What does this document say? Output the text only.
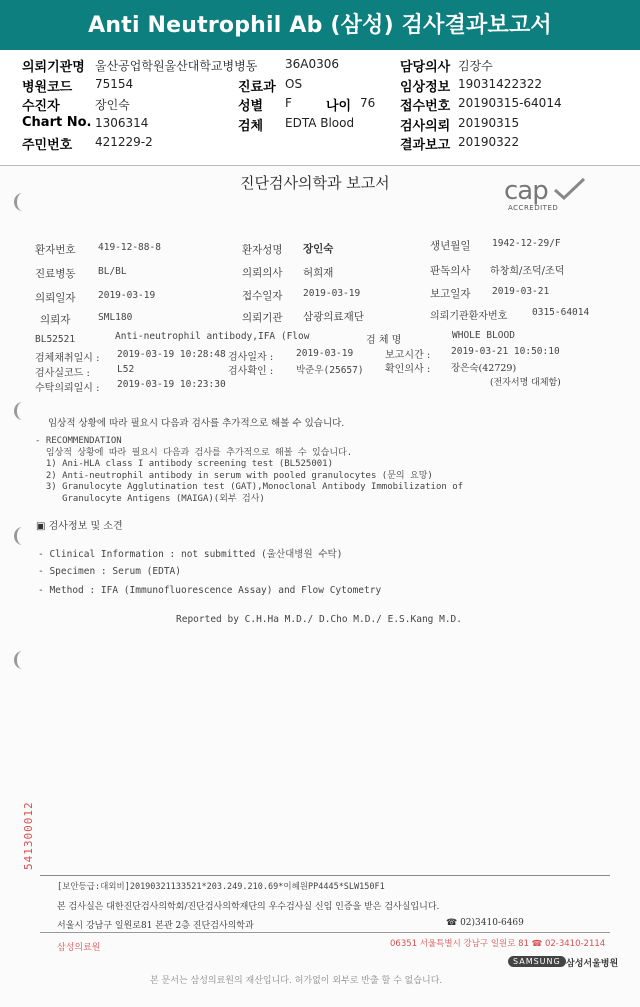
Anti Neutrophil Ab (삼성) 검사결과보고서
의뢰기관명 울산공업학원울산대학교병병동 36A0306	담당의사 김장수
병원코드 75154	진료과 OS	임상정보 19031422322
수진자	장인숙	성별 F	나이 76 접수번호 20190315-64014
Chart No. 1306314	검체 EDTA Blood	검사의뢰 20190315
주민번호 421229-2	결과보고 20190322
진단검사의학과 보고서	cap
ACCREDITED
환자번호 419-12-88-8	환자성명 장인숙	생년월일 1942-12-29/F
진료병동 BL/BL	의뢰의사 허희재	판독의사 하창희/조덕/조덕
의뢰일자 2019-03-19	접수일자 2019-03-19	보고일자 2019-03-21
의뢰자	SML180	의뢰기관 삼광의료재단	의뢰기관환자번호	0315-64014
BL52521	Anti-neutrophil antibody,IFA (Flow	검 체 명	WHOLE BLOOD
검체채취일시 : 2019-03-19 10:28:48 검사일자 : 2019-03-19	보고시간 : 2019-03-21 10:50:10
검사실코드 :	L52	검사확인 : 박준우(25657) 확인의사 : 장은숙(42729)
수탁의뢰일시 : 2019-03-19 10:23:30	(전자서명 대체함)
임상적 상황에 따라 필요시 다음과 검사를 추가적으로 해볼 수 있습니다.
- RECOMMENDATION
임상적 상황에 따라 필요시 다음과 검사를 추가적으로 해볼 수 있습니다.
1) Ani-HLA class I antibody screening test (BL525001)
2) Anti-neutrophil antibody in serum with pooled granulocytes (문의 요망)
3) Granulocyte Agglutination test (GAT),Monoclonal Antibody Immobilization of
Granulocyte Antigens (MAIGA)(외부 검사)
▣ 검사정보 및 소견
- Clinical Information : not submitted (울산대병원 수탁)
- Specimen : Serum (EDTA)
- Method : IFA (Immunofluorescence Assay) and Flow Cytometry
Reported by C.H.Ha M.D./ D.Cho M.D./ E.S.Kang M.D.
541300012
[보안등급:대외비]20190321133521*203.249.210.69*이혜원PP4445*SLW150F1
본 검사실은 대한진단검사의학회/진단검사의학재단의 우수검사실 신임 인증을 받은 검사실입니다.
서울시 강남구 일원로81 본관 2층 진단검사의학과	☎ 02)3410-6469
삼성의료원	06351 서울특별시 강남구 일원로 81 ☎ 02-3410-2114
SAMSUNG 삼성서울병원
본 문서는 삼성의료원의 재산입니다. 허가없이 외부로 반출 할 수 없습니다.
